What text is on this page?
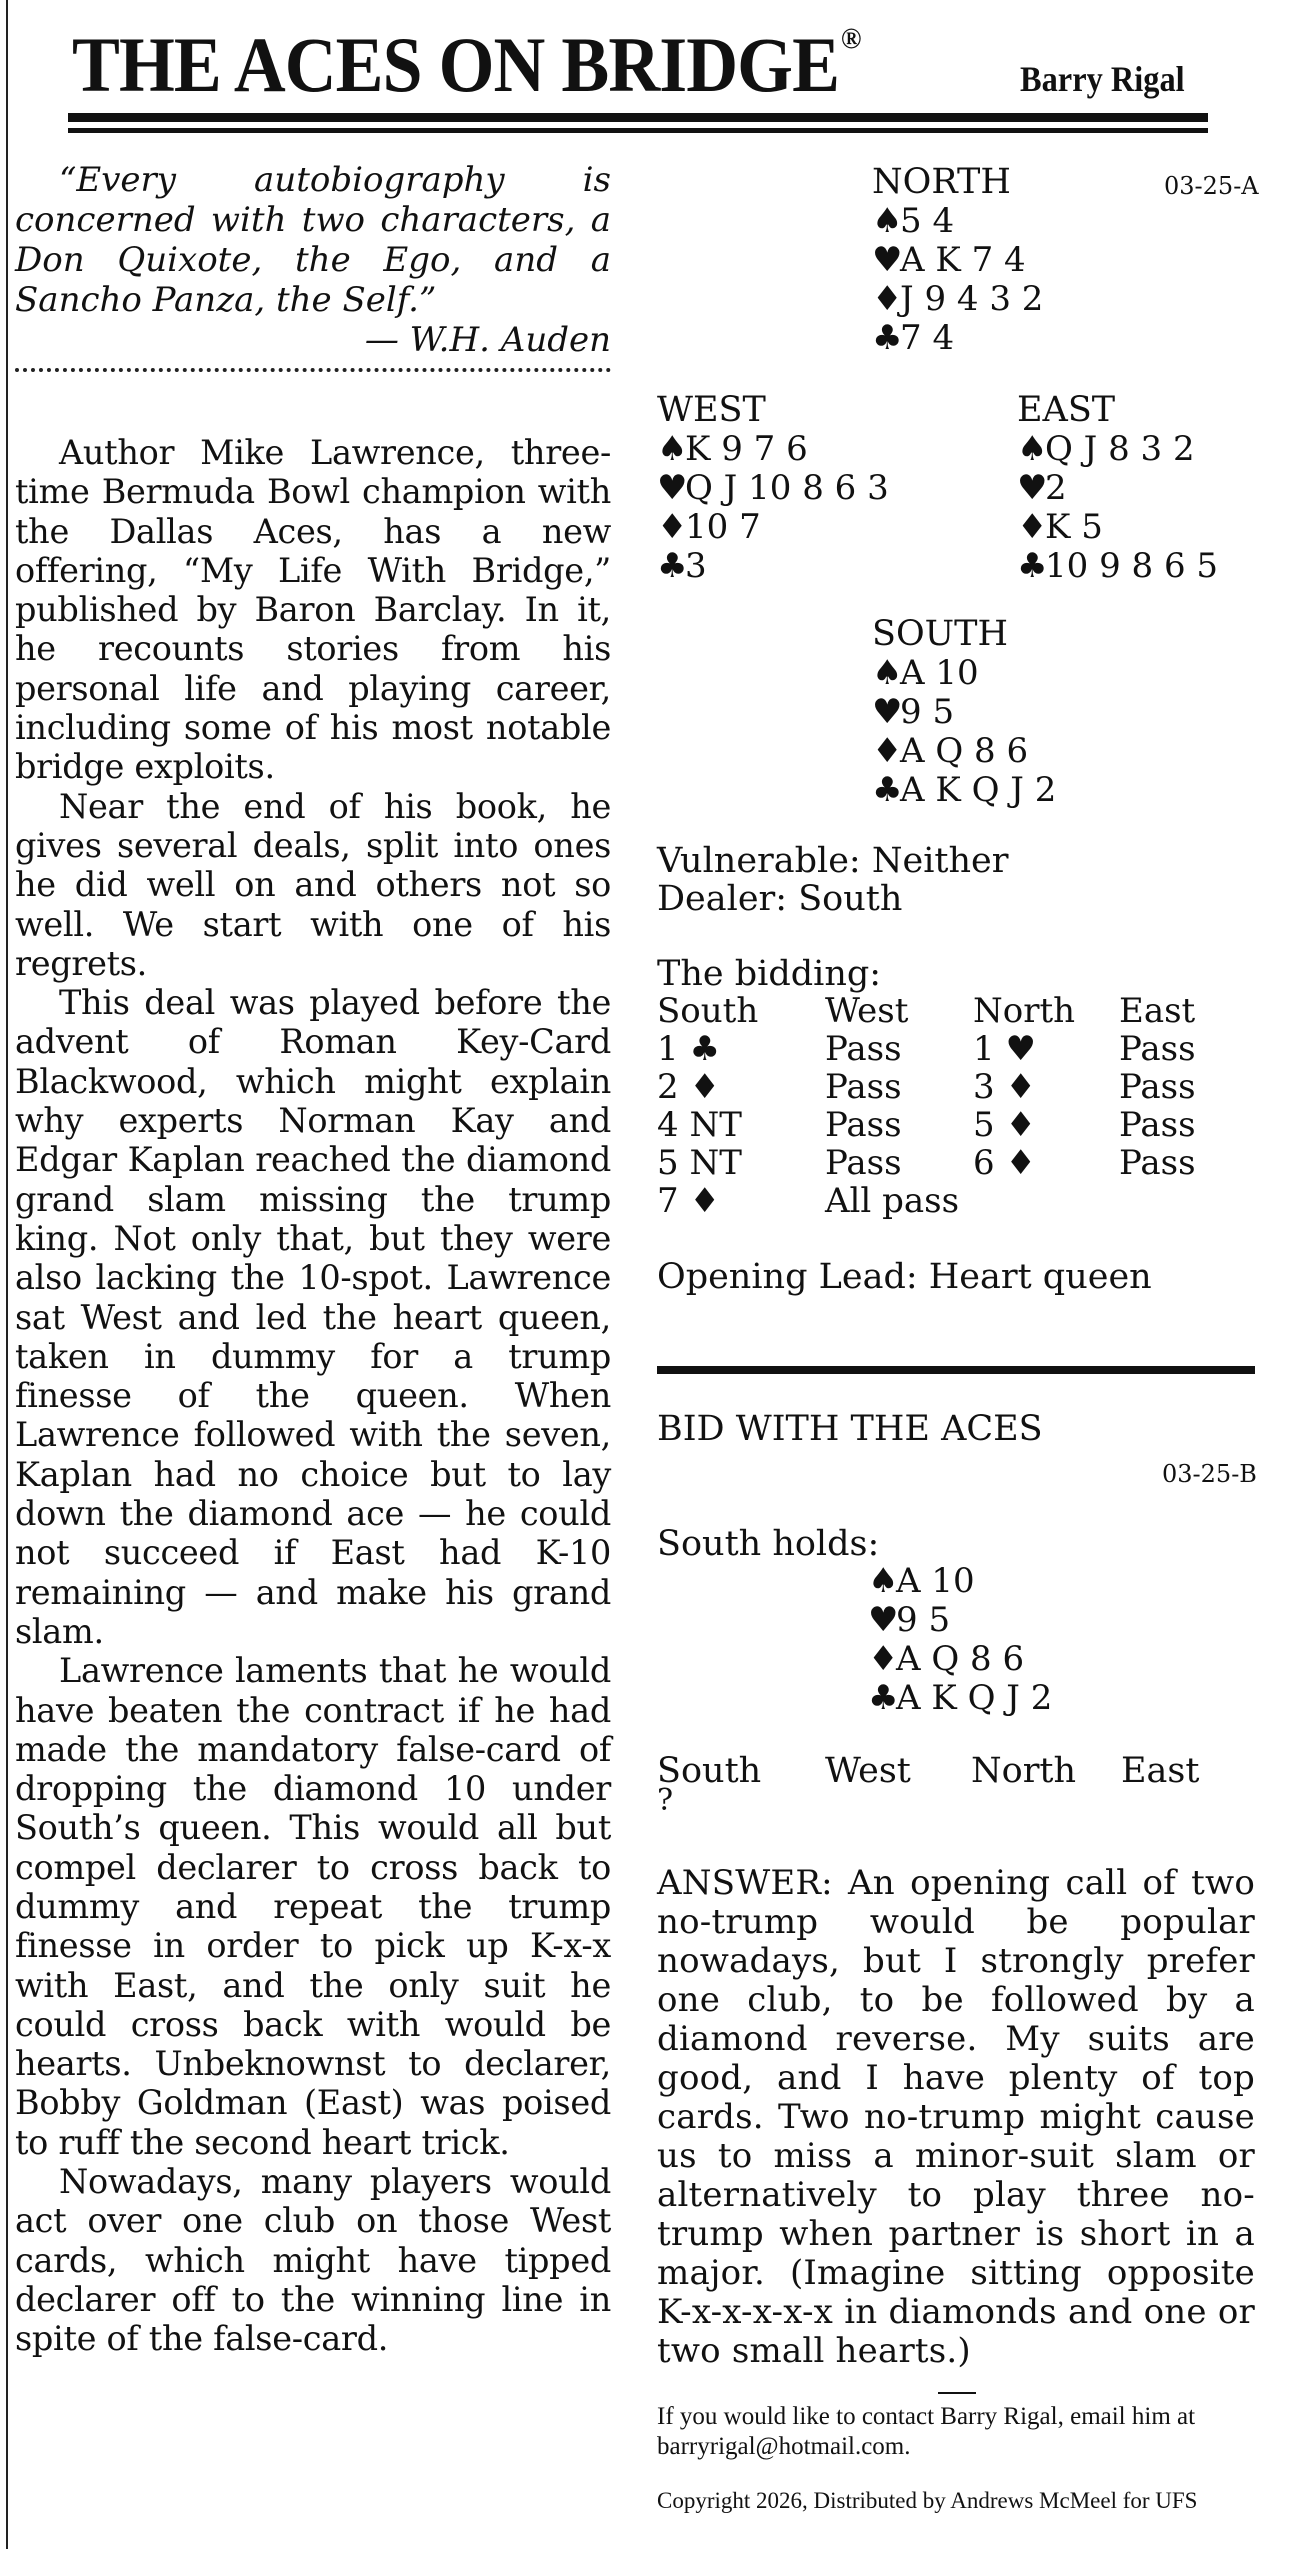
THE ACES ON BRIDGE®
Barry Rigal

“Every autobiography is concerned with two characters, a Don Quixote, the Ego, and a Sancho Panza, the Self.”

— W.H. Auden

Author Mike Lawrence, three-time Bermuda Bowl champion with the Dallas Aces, has a new offering, “My Life With Bridge,” published by Baron Barclay. In it, he recounts stories from his personal life and playing career, including some of his most notable bridge exploits.

Near the end of his book, he gives several deals, split into ones he did well on and others not so well. We start with one of his regrets.

This deal was played before the advent of Roman Key-Card Blackwood, which might explain why experts Norman Kay and Edgar Kaplan reached the diamond grand slam missing the trump king. Not only that, but they were also lacking the 10-spot. Lawrence sat West and led the heart queen, taken in dummy for a trump finesse of the queen. When Lawrence followed with the seven, Kaplan had no choice but to lay down the diamond ace — he could not succeed if East had K-10 remaining — and make his grand slam.

Lawrence laments that he would have beaten the contract if he had made the mandatory false-card of dropping the diamond 10 under South’s queen. This would all but compel declarer to cross back to dummy and repeat the trump finesse in order to pick up K-x-x with East, and the only suit he could cross back with would be hearts. Unbeknownst to declarer, Bobby Goldman (East) was poised to ruff the second heart trick.

Nowadays, many players would act over one club on those West cards, which might have tipped declarer off to the winning line in spite of the false-card.

NORTH	03-25-A
♠5 4
♥A K 7 4
♦J 9 4 3 2
♣7 4
WEST
♠K 9 7 6
♥Q J 10 8 6 3
♦10 7
♣3
EAST
♠Q J 8 3 2
♥2
♦K 5
♣10 9 8 6 5
SOUTH
♠A 10
♥9 5
♦A Q 8 6
♣A K Q J 2
Vulnerable: Neither
Dealer: South
The bidding:
South	West	North	East
1 ♣	Pass	1 ♥	Pass
2 ♦	Pass	3 ♦	Pass
4 NT	Pass	5 ♦	Pass
5 NT	Pass	6 ♦	Pass
7 ♦	All pass		
Opening Lead: Heart queen
BID WITH THE ACES
03-25-B
South holds:
♠A 10
♥9 5
♦A Q 8 6
♣A K Q J 2
South West North East
?

ANSWER: An opening call of two no-trump would be popular nowadays, but I strongly prefer one club, to be followed by a diamond reverse. My suits are good, and I have plenty of top cards. Two no-trump might cause us to miss a minor-suit slam or alternatively to play three no-trump when partner is short in a major. (Imagine sitting opposite K-x-x-x-x-x in diamonds and one or two small hearts.)

If you would like to contact Barry Rigal, email him at barryrigal@hotmail.com.
Copyright 2026, Distributed by Andrews McMeel for UFS
